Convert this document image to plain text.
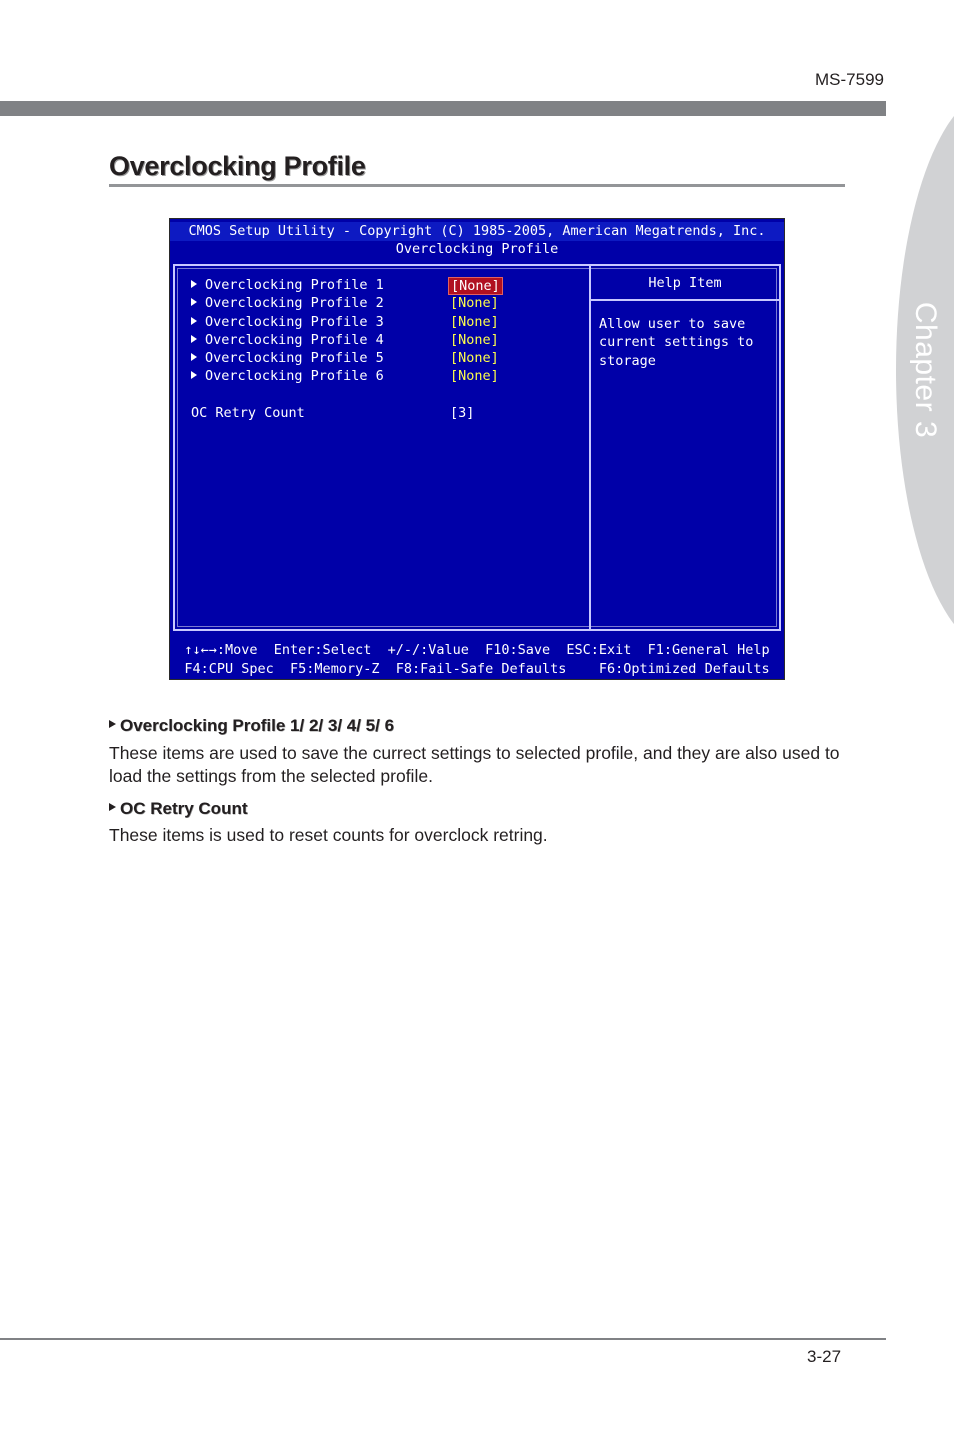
MS-7599
Chapter 3
Overclocking Profile
CMOS Setup Utility - Copyright (C) 1985-2005, American Megatrends, Inc.
Overclocking Profile
Overclocking Profile 1	[None]
Overclocking Profile 2	[None]
Overclocking Profile 3	[None]
Overclocking Profile 4	[None]
Overclocking Profile 5	[None]
Overclocking Profile 6	[None]
OC Retry Count	[3]
Help Item
Allow user to save
current settings to
storage
↑↓←→:Move  Enter:Select  +/-/:Value  F10:Save  ESC:Exit  F1:General Help
F4:CPU Spec  F5:Memory-Z  F8:Fail-Safe Defaults    F6:Optimized Defaults
Overclocking Profile 1/ 2/ 3/ 4/ 5/ 6
These items are used to save the currect settings to selected profile, and they are also used to load the settings from the selected profile.
OC Retry Count
These items is used to reset counts for overclock retring.
3-27
